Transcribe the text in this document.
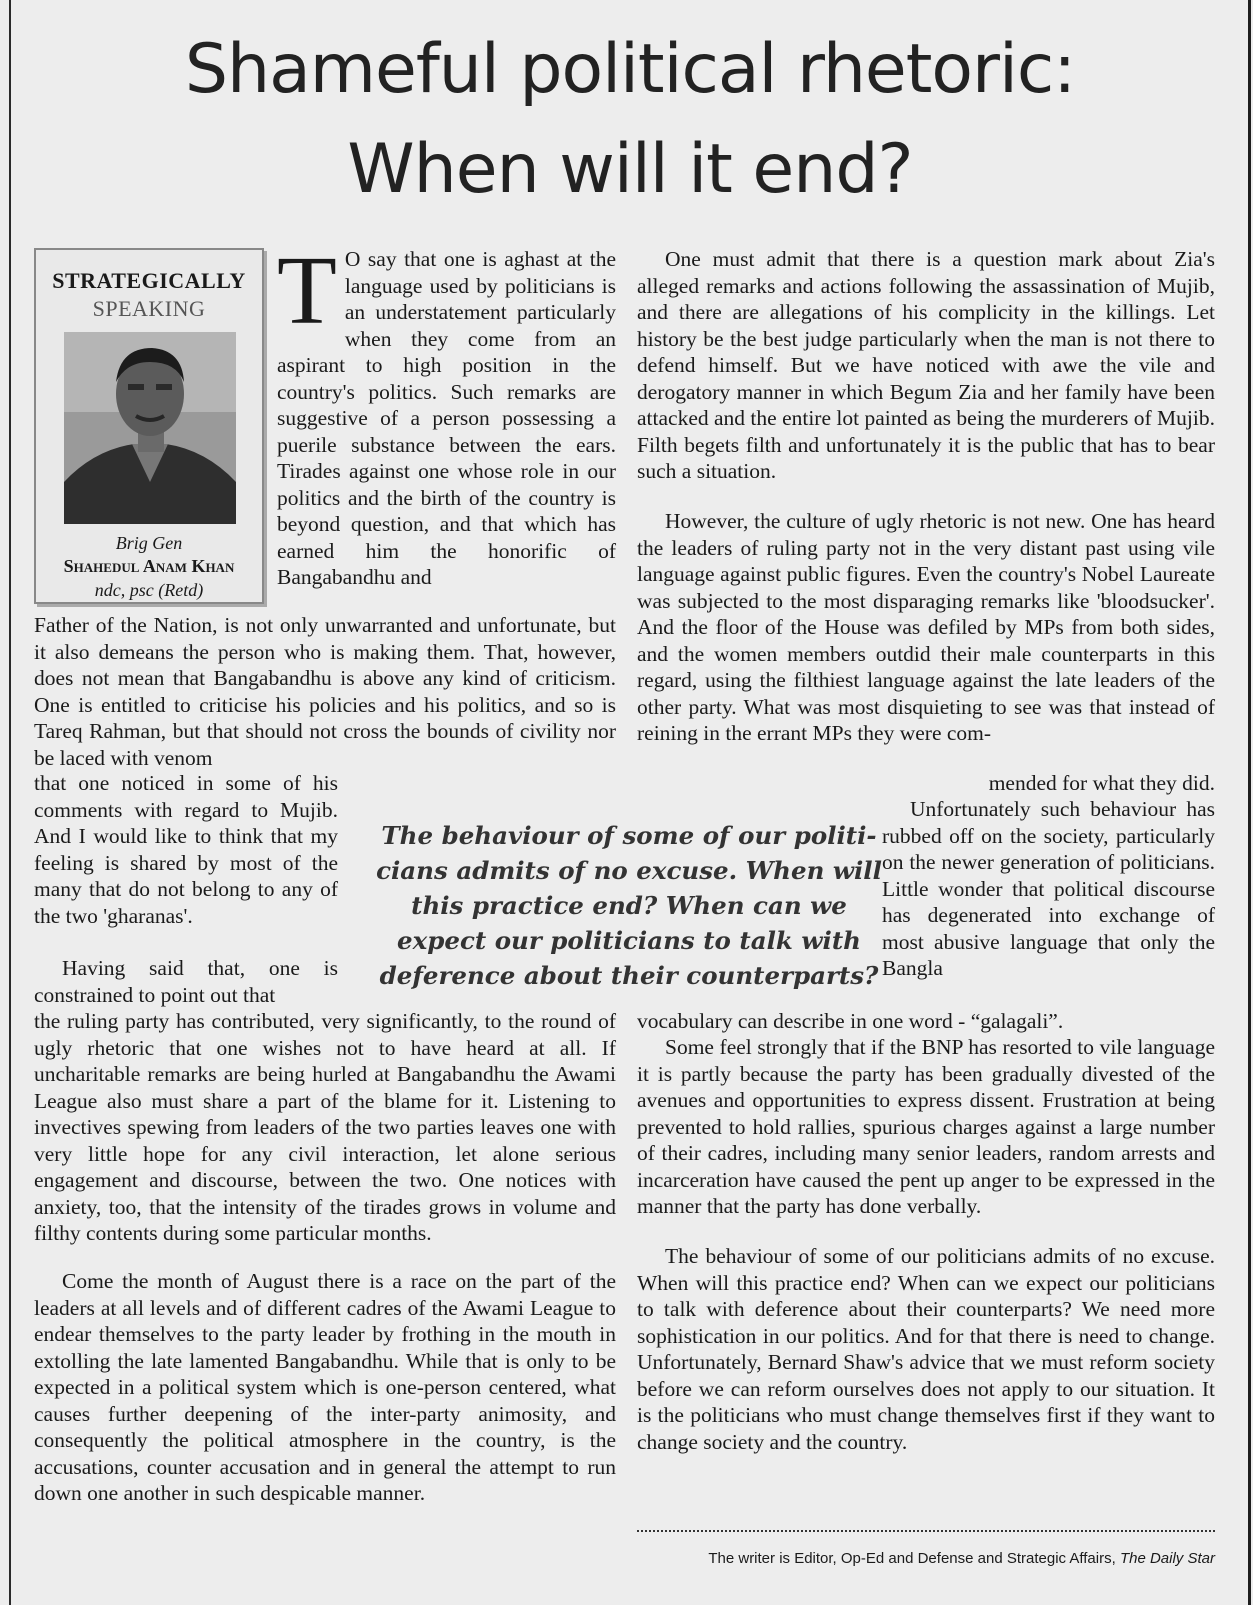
Shameful political rhetoric:
When will it end?
STRATEGICALLY
SPEAKING
Brig Gen
Shahedul Anam Khan
ndc, psc (Retd)
T O say that one is aghast at the language used by politicians is an understatement particularly when they come from an aspirant to high position in the country's politics. Such remarks are suggestive of a person possessing a puerile substance between the ears. Tirades against one whose role in our politics and the birth of the country is beyond question, and that which has earned him the honorific of Bangabandhu and

Father of the Nation, is not only unwarranted and unfortunate, but it also demeans the person who is making them. That, however, does not mean that Bangabandhu is above any kind of criticism. One is entitled to criticise his policies and his politics, and so is Tareq Rahman, but that should not cross the bounds of civility nor be laced with venom

that one noticed in some of his comments with regard to Mujib. And I would like to think that my feeling is shared by most of the many that do not belong to any of the two 'gharanas'.

Having said that, one is constrained to point out that

the ruling party has contributed, very significantly, to the round of ugly rhetoric that one wishes not to have heard at all. If uncharitable remarks are being hurled at Bangabandhu the Awami League also must share a part of the blame for it. Listening to invectives spewing from leaders of the two parties leaves one with very little hope for any civil interaction, let alone serious engagement and discourse, between the two. One notices with anxiety, too, that the intensity of the tirades grows in volume and filthy contents during some particular months.

Come the month of August there is a race on the part of the leaders at all levels and of different cadres of the Awami League to endear themselves to the party leader by frothing in the mouth in extolling the late lamented Bangabandhu. While that is only to be expected in a political system which is one-person centered, what causes further deepening of the inter-party animosity, and consequently the political atmosphere in the country, is the accusations, counter accusation and in general the attempt to run down one another in such despicable manner.

The behaviour of some of our politicians admits of no excuse. When will this practice end? When can we expect our politicians to talk with deference about their counterparts?

One must admit that there is a question mark about Zia's alleged remarks and actions following the assassination of Mujib, and there are allegations of his complicity in the killings. Let history be the best judge particularly when the man is not there to defend himself. But we have noticed with awe the vile and derogatory manner in which Begum Zia and her family have been attacked and the entire lot painted as being the murderers of Mujib. Filth begets filth and unfortunately it is the public that has to bear such a situation.

However, the culture of ugly rhetoric is not new. One has heard the leaders of ruling party not in the very distant past using vile language against public figures. Even the country's Nobel Laureate was subjected to the most disparaging remarks like 'bloodsucker'. And the floor of the House was defiled by MPs from both sides, and the women members outdid their male counterparts in this regard, using the filthiest language against the late leaders of the other party. What was most disquieting to see was that instead of reining in the errant MPs they were com-

mended for what they did.

Unfortunately such behaviour has rubbed off on the society, particularly on the newer generation of politicians. Little wonder that political discourse has degenerated into exchange of most abusive language that only the Bangla

vocabulary can describe in one word - “galagali”.

Some feel strongly that if the BNP has resorted to vile language it is partly because the party has been gradually divested of the avenues and opportunities to express dissent. Frustration at being prevented to hold rallies, spurious charges against a large number of their cadres, including many senior leaders, random arrests and incarceration have caused the pent up anger to be expressed in the manner that the party has done verbally.

The behaviour of some of our politicians admits of no excuse. When will this practice end? When can we expect our politicians to talk with deference about their counterparts? We need more sophistication in our politics. And for that there is need to change. Unfortunately, Bernard Shaw's advice that we must reform society before we can reform ourselves does not apply to our situation. It is the politicians who must change themselves first if they want to change society and the country.

The writer is Editor, Op-Ed and Defense and Strategic Affairs, The Daily Star
